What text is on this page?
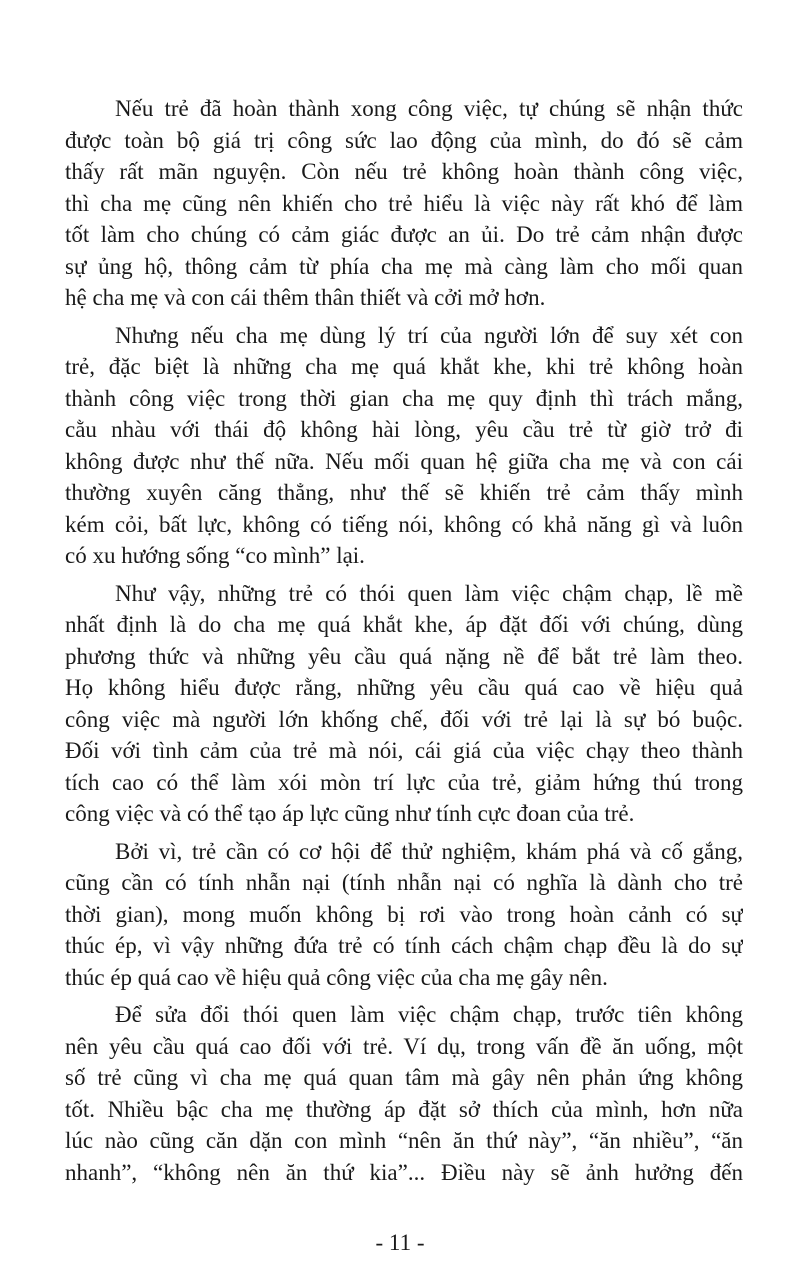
Nếu trẻ đã hoàn thành xong công việc, tự chúng sẽ nhận thức
được toàn bộ giá trị công sức lao động của mình, do đó sẽ cảm
thấy rất mãn nguyện. Còn nếu trẻ không hoàn thành công việc,
thì cha mẹ cũng nên khiến cho trẻ hiểu là việc này rất khó để làm
tốt làm cho chúng có cảm giác được an ủi. Do trẻ cảm nhận được
sự ủng hộ, thông cảm từ phía cha mẹ mà càng làm cho mối quan
hệ cha mẹ và con cái thêm thân thiết và cởi mở hơn.
Nhưng nếu cha mẹ dùng lý trí của người lớn để suy xét con
trẻ, đặc biệt là những cha mẹ quá khắt khe, khi trẻ không hoàn
thành công việc trong thời gian cha mẹ quy định thì trách mắng,
cằu nhàu với thái độ không hài lòng, yêu cầu trẻ từ giờ trở đi
không được như thế nữa. Nếu mối quan hệ giữa cha mẹ và con cái
thường xuyên căng thẳng, như thế sẽ khiến trẻ cảm thấy mình
kém cỏi, bất lực, không có tiếng nói, không có khả năng gì và luôn
có xu hướng sống “co mình” lại.
Như vậy, những trẻ có thói quen làm việc chậm chạp, lề mề
nhất định là do cha mẹ quá khắt khe, áp đặt đối với chúng, dùng
phương thức và những yêu cầu quá nặng nề để bắt trẻ làm theo.
Họ không hiểu được rằng, những yêu cầu quá cao về hiệu quả
công việc mà người lớn khống chế, đối với trẻ lại là sự bó buộc.
Đối với tình cảm của trẻ mà nói, cái giá của việc chạy theo thành
tích cao có thể làm xói mòn trí lực của trẻ, giảm hứng thú trong
công việc và có thể tạo áp lực cũng như tính cực đoan của trẻ.
Bởi vì, trẻ cần có cơ hội để thử nghiệm, khám phá và cố gắng,
cũng cần có tính nhẫn nại (tính nhẫn nại có nghĩa là dành cho trẻ
thời gian), mong muốn không bị rơi vào trong hoàn cảnh có sự
thúc ép, vì vậy những đứa trẻ có tính cách chậm chạp đều là do sự
thúc ép quá cao về hiệu quả công việc của cha mẹ gây nên.
Để sửa đổi thói quen làm việc chậm chạp, trước tiên không
nên yêu cầu quá cao đối với trẻ. Ví dụ, trong vấn đề ăn uống, một
số trẻ cũng vì cha mẹ quá quan tâm mà gây nên phản ứng không
tốt. Nhiều bậc cha mẹ thường áp đặt sở thích của mình, hơn nữa
lúc nào cũng căn dặn con mình “nên ăn thứ này”, “ăn nhiều”, “ăn
nhanh”, “không nên ăn thứ kia”... Điều này sẽ ảnh hưởng đến
- 11 -
